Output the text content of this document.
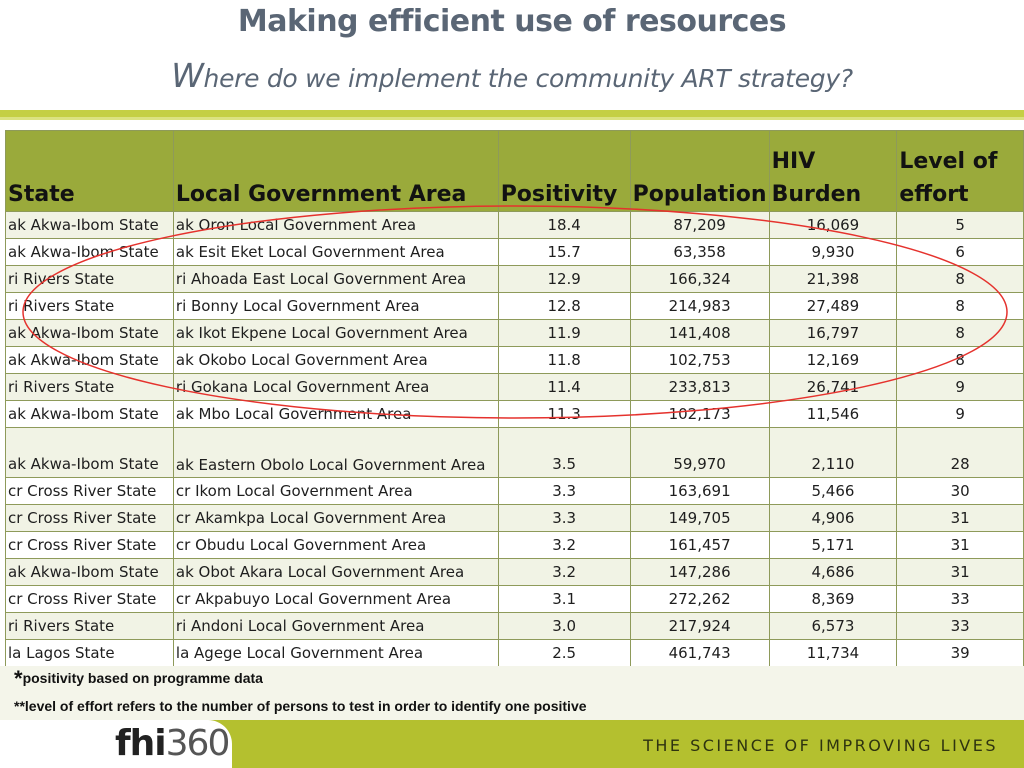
Making efficient use of resources
Where do we implement the community ART strategy?
State	Local Government Area	Positivity	Population	HIV Burden	Level of effort
ak Akwa-Ibom State	ak Oron Local Government Area	18.4	87,209	16,069	5
ak Akwa-Ibom State	ak Esit Eket Local Government Area	15.7	63,358	9,930	6
ri Rivers State	ri Ahoada East Local Government Area	12.9	166,324	21,398	8
ri Rivers State	ri Bonny Local Government Area	12.8	214,983	27,489	8
ak Akwa-Ibom State	ak Ikot Ekpene Local Government Area	11.9	141,408	16,797	8
ak Akwa-Ibom State	ak Okobo Local Government Area	11.8	102,753	12,169	8
ri Rivers State	ri Gokana Local Government Area	11.4	233,813	26,741	9
ak Akwa-Ibom State	ak Mbo Local Government Area	11.3	102,173	11,546	9
ak Akwa-Ibom State	ak Eastern Obolo Local Government Area	3.5	59,970	2,110	28
cr Cross River State	cr Ikom Local Government Area	3.3	163,691	5,466	30
cr Cross River State	cr Akamkpa Local Government Area	3.3	149,705	4,906	31
cr Cross River State	cr Obudu Local Government Area	3.2	161,457	5,171	31
ak Akwa-Ibom State	ak Obot Akara Local Government Area	3.2	147,286	4,686	31
cr Cross River State	cr Akpabuyo Local Government Area	3.1	272,262	8,369	33
ri Rivers State	ri Andoni Local Government Area	3.0	217,924	6,573	33
la Lagos State	la Agege Local Government Area	2.5	461,743	11,734	39
*positivity based on programme data
**level of effort refers to the number of persons to test in order to identify one positive
fhi360	THE SCIENCE OF IMPROVING LIVES
